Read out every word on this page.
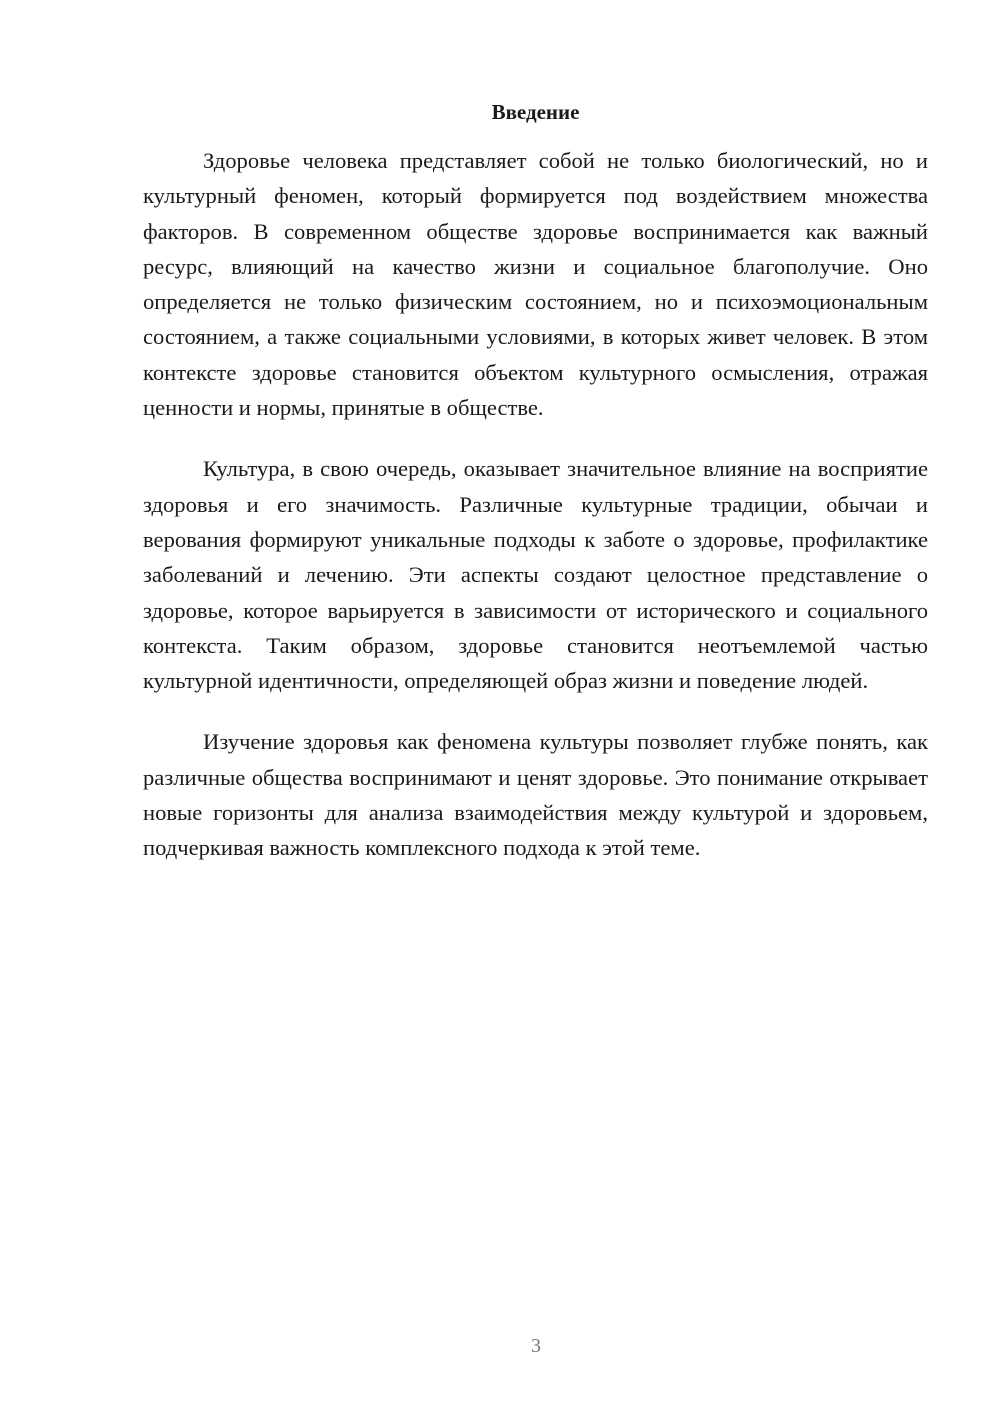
Введение

Здоровье человека представляет собой не только биологический, но и культурный феномен, который формируется под воздействием множества факторов. В современном обществе здоровье воспринимается как важный ресурс, влияющий на качество жизни и социальное благополучие. Оно определяется не только физическим состоянием, но и психоэмоциональным состоянием, а также социальными условиями, в которых живет человек. В этом контексте здоровье становится объектом культурного осмысления, отражая ценности и нормы, принятые в обществе.

Культура, в свою очередь, оказывает значительное влияние на восприятие здоровья и его значимость. Различные культурные традиции, обычаи и верования формируют уникальные подходы к заботе о здоровье, профилактике заболеваний и лечению. Эти аспекты создают целостное представление о здоровье, которое варьируется в зависимости от исторического и социального контекста. Таким образом, здоровье становится неотъемлемой частью культурной идентичности, определяющей образ жизни и поведение людей.

Изучение здоровья как феномена культуры позволяет глубже понять, как различные общества воспринимают и ценят здоровье. Это понимание открывает новые горизонты для анализа взаимодействия между культурой и здоровьем, подчеркивая важность комплексного подхода к этой теме.

3
